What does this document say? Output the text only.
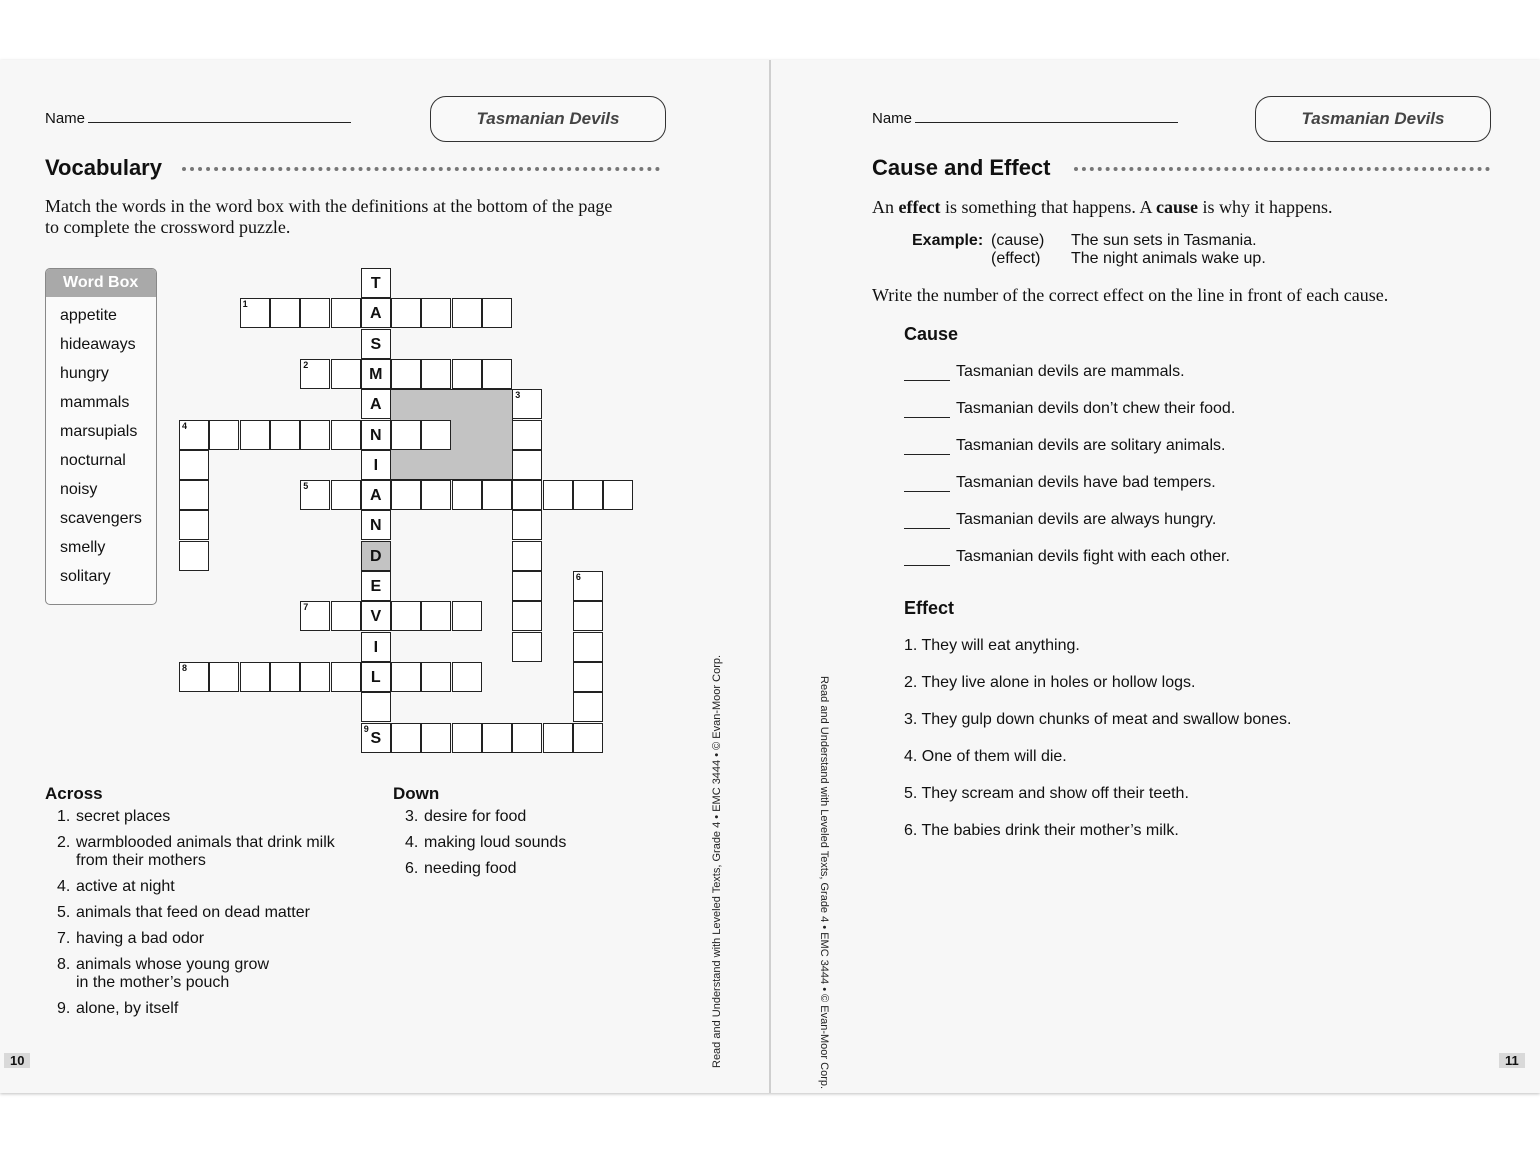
Name	Tasmanian Devils
Vocabulary
Match the words in the word box with the definitions at the bottom of the page
to complete the crossword puzzle.
Word Box
appetite
hideaways
hungry
mammals
marsupials
nocturnal
noisy
scavengers
smelly
solitary
T
A
S
M
A
N
I
A
N
D
E
V
I
L
9
S
1
2
3
4
5
6
7
8
Across
1. secret places
2. warmblooded animals that drink milk
from their mothers
4. active at night
5. animals that feed on dead matter
7. having a bad odor
8. animals whose young grow
in the mother’s pouch
9. alone, by itself
Down
3. desire for food
4. making loud sounds
6. needing food	Read and Understand with Leveled Texts, Grade 4 • EMC 3444 • © Evan-Moor Corp.
10
Name	Tasmanian Devils
Cause and Effect
An effect is something that happens. A cause is why it happens.
Example: (cause) The sun sets in Tasmania.
(effect) The night animals wake up.
Write the number of the correct effect on the line in front of each cause.
Cause
Tasmanian devils are mammals.
Tasmanian devils don’t chew their food.
Tasmanian devils are solitary animals.
Tasmanian devils have bad tempers.
Tasmanian devils are always hungry.
Tasmanian devils fight with each other.
Effect
1. They will eat anything.
2. They live alone in holes or hollow logs.
3. They gulp down chunks of meat and swallow bones.
4. One of them will die.
5. They scream and show off their teeth.
6. The babies drink their mother’s milk.
Read and Understand with Leveled Texts, Grade 4 • EMC 3444 • © Evan-Moor Corp.	11
